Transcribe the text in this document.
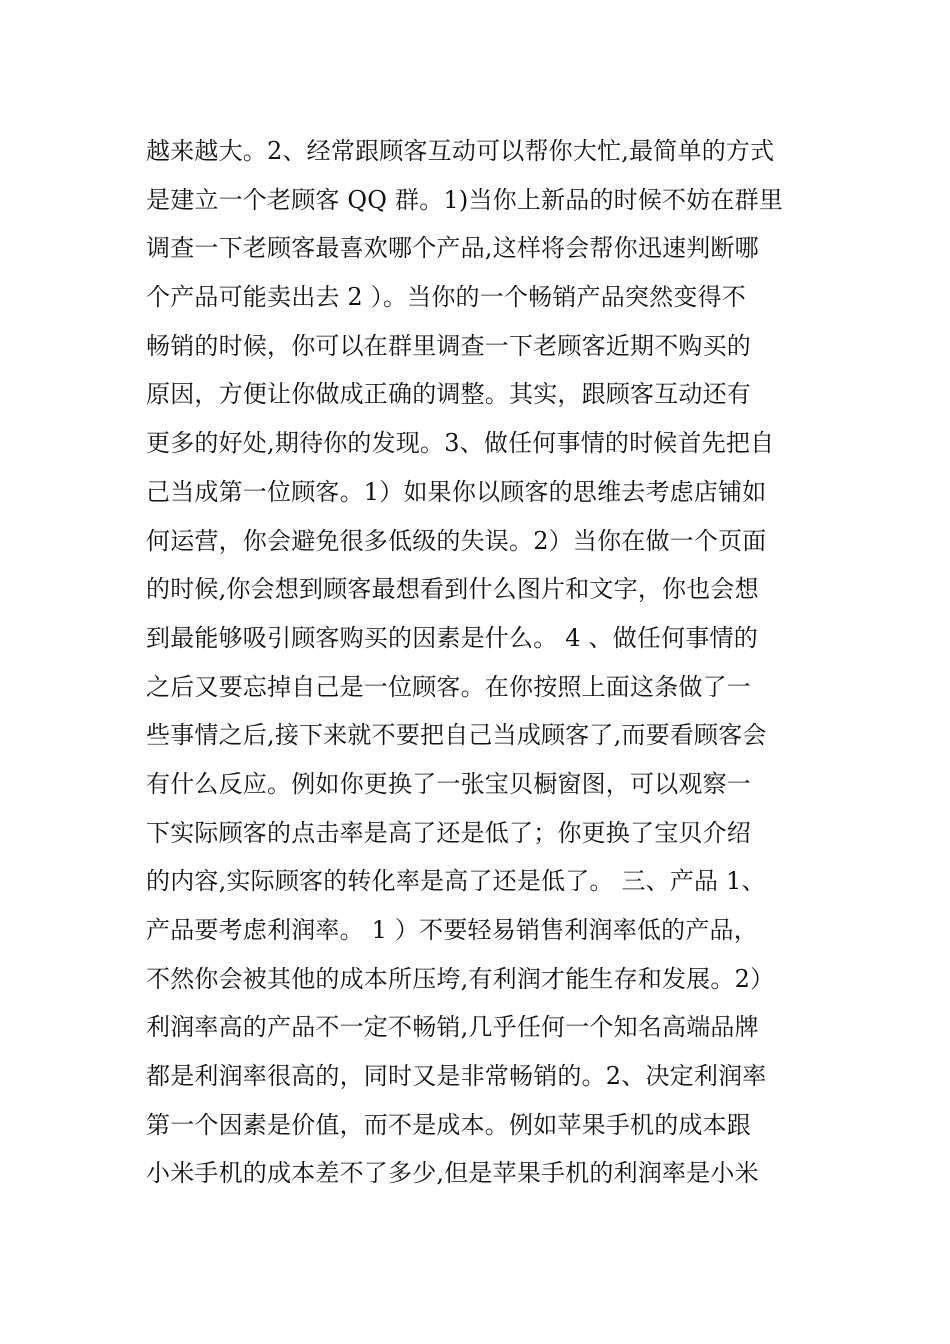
越来越大。2、经常跟顾客互动可以帮你大忙,最简单的方式
是建立一个老顾客 QQ 群。1)当你上新品的时候不妨在群里
调查一下老顾客最喜欢哪个产品,这样将会帮你迅速判断哪
个产品可能卖出去 2 ）。当你的一个畅销产品突然变得不
畅销的时候，你可以在群里调查一下老顾客近期不购买的
原因，方便让你做成正确的调整。其实，跟顾客互动还有
更多的好处,期待你的发现。3、做任何事情的时候首先把自
己当成第一位顾客。1）如果你以顾客的思维去考虑店铺如
何运营，你会避免很多低级的失误。2）当你在做一个页面
的时候,你会想到顾客最想看到什么图片和文字，你也会想
到最能够吸引顾客购买的因素是什么。 4 、做任何事情的
之后又要忘掉自己是一位顾客。在你按照上面这条做了一
些事情之后,接下来就不要把自己当成顾客了,而要看顾客会
有什么反应。例如你更换了一张宝贝橱窗图，可以观察一
下实际顾客的点击率是高了还是低了；你更换了宝贝介绍
的内容,实际顾客的转化率是高了还是低了。 三、产品 1、
产品要考虑利润率。 1 ）不要轻易销售利润率低的产品，
不然你会被其他的成本所压垮,有利润才能生存和发展。2）
利润率高的产品不一定不畅销,几乎任何一个知名高端品牌
都是利润率很高的，同时又是非常畅销的。2、决定利润率
第一个因素是价值，而不是成本。例如苹果手机的成本跟
小米手机的成本差不了多少,但是苹果手机的利润率是小米
